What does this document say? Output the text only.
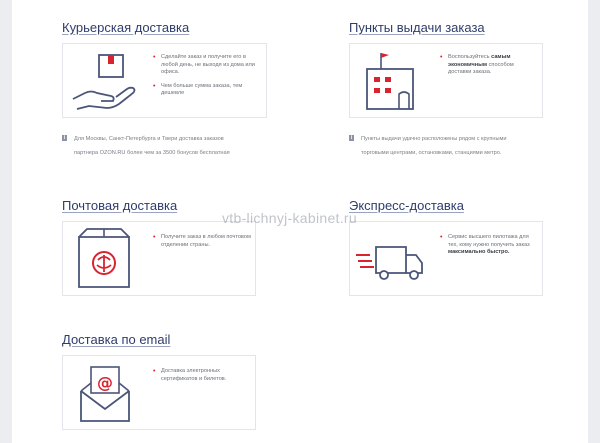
Курьерская доставка
• Сделайте заказ и получите его в любой день, не выходя из дома или офиса.
• Чем больше сумма заказа, тем дешевле
i	Для Москвы, Санкт-Петербурга и Твери доставка заказов
партнера OZON.RU более чем за 3500 бонусов бесплатная
Пункты выдачи заказа
• Воспользуйтесь самым экономичным способом доставки заказа.
i	Пункты выдачи удачно расположены рядом с крупными
торговыми центрами, остановками, станциями метро.
Почтовая доставка
• Получите заказ в любом почтовом отделении страны.
Экспресс-доставка
• Сервис высшего пилотажа для тех, кому нужно получить заказ максимально быстро.
Доставка по email
@
• Доставка электронных сертификатов и билетов.
vtb-lichnyj-kabinet.ru
